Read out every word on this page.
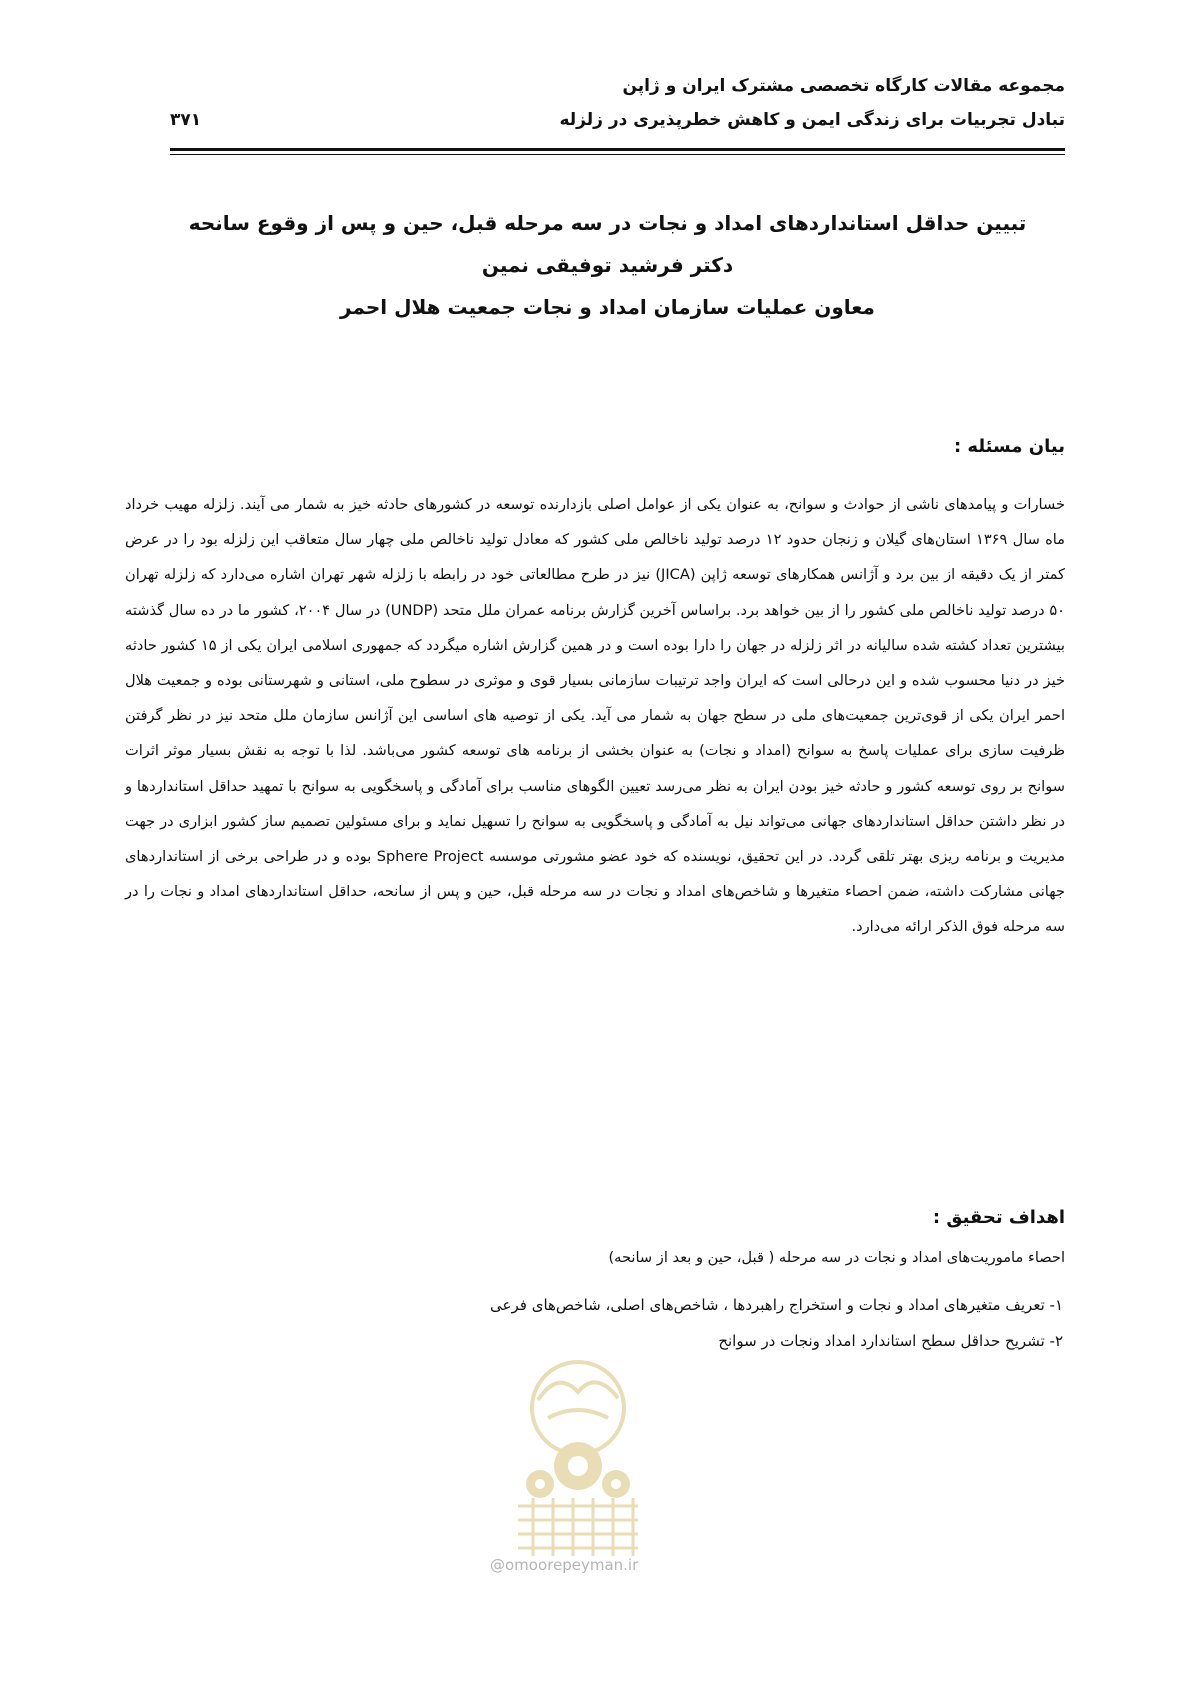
مجموعه مقالات کارگاه تخصصی مشترک ایران و ژاپن
تبادل تجربیات برای زندگی ایمن و کاهش خطرپذیری در زلزله
۳۷۱

تبیین حداقل استانداردهای امداد و نجات در سه مرحله قبل، حین و پس از وقوع سانحه

دکتر فرشید توفیقی نمین

معاون عملیات سازمان امداد و نجات جمعیت هلال احمر

بیان مسئله :

خسارات و پیامدهای ناشی از حوادث و سوانح، به عنوان یکی از عوامل اصلی بازدارنده توسعه در کشورهای حادثه خیز به شمار می آیند. زلزله مهیب خرداد ماه سال ۱۳۶۹ استان‌های گیلان و زنجان حدود ۱۲ درصد تولید ناخالص ملی کشور که معادل تولید ناخالص ملی چهار سال متعاقب این زلزله بود را در عرض کمتر از یک دقیقه از بین برد و آژانس همکارهای توسعه ژاپن (JICA) نیز در طرح مطالعاتی خود در رابطه با زلزله شهر تهران اشاره می‌دارد که زلزله تهران ۵۰ درصد تولید ناخالص ملی کشور را از بین خواهد برد. براساس آخرین گزارش برنامه عمران ملل متحد (UNDP) در سال ۲۰۰۴، کشور ما در ده سال گذشته بیشترین تعداد کشته شده سالیانه در اثر زلزله در جهان را دارا بوده است و در همین گزارش اشاره میگردد که جمهوری اسلامی ایران یکی از ۱۵ کشور حادثه خیز در دنیا محسوب شده و این درحالی است که ایران واجد ترتیبات سازمانی بسیار قوی و موثری در سطوح ملی، استانی و شهرستانی بوده و جمعیت هلال احمر ایران یکی از قوی‌ترین جمعیت‌های ملی در سطح جهان به شمار می آید. یکی از توصیه های اساسی این آژانس سازمان ملل متحد نیز در نظر گرفتن ظرفیت سازی برای عملیات پاسخ به سوانح (امداد و نجات) به عنوان بخشی از برنامه های توسعه کشور می‌باشد. لذا با توجه به نقش بسیار موثر اثرات سوانح بر روی توسعه کشور و حادثه خیز بودن ایران به نظر می‌رسد تعیین الگوهای مناسب برای آمادگی و پاسخگویی به سوانح با تمهید حداقل استانداردها و در نظر داشتن حداقل استانداردهای جهانی می‌تواند نیل به آمادگی و پاسخگویی به سوانح را تسهیل نماید و برای مسئولین تصمیم ساز کشور ابزاری در جهت مدیریت و برنامه ریزی بهتر تلقی گردد. در این تحقیق، نویسنده که خود عضو مشورتی موسسه Sphere Project بوده و در طراحی برخی از استانداردهای جهانی مشارکت داشته، ضمن احصاء متغیرها و شاخص‌های امداد و نجات در سه مرحله قبل، حین و پس از سانحه، حداقل استانداردهای امداد و نجات را در سه مرحله فوق الذکر ارائه می‌دارد.

اهداف تحقیق :

احصاء ماموریت‌های امداد و نجات در سه مرحله ( قبل، حین و بعد از سانحه)

۱- تعریف متغیرهای امداد و نجات و استخراج راهبردها ، شاخص‌های اصلی، شاخص‌های فرعی

۲- تشریح حداقل سطح استاندارد امداد ونجات در سوانح

@omoorepeyman.ir
